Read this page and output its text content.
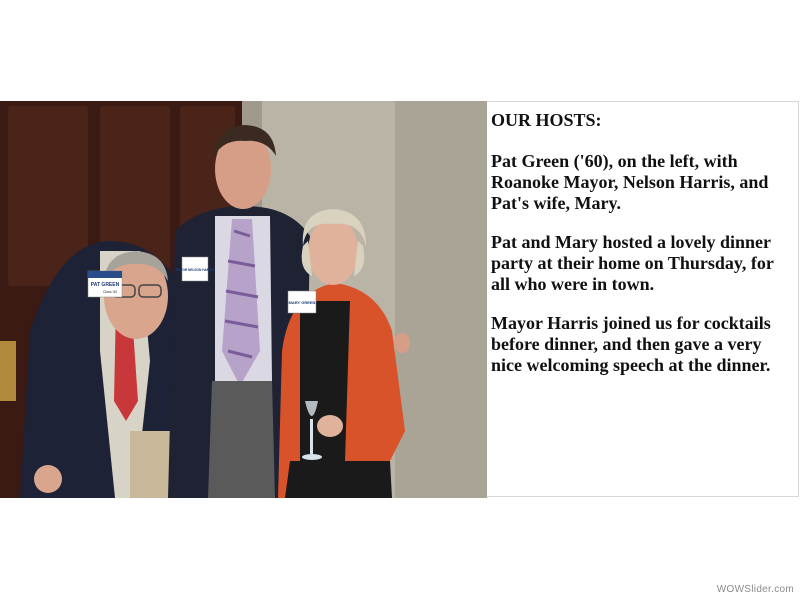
PAT GREEN
Class '60
MAYOR NELSON HARRIS
MARY GREEN

OUR HOSTS:

Pat Green ('60), on the left, with Roanoke Mayor, Nelson Harris, and Pat's wife, Mary.

Pat and Mary hosted a lovely dinner party at their home on Thursday, for all who were in town.

Mayor Harris joined us for cocktails before dinner, and then gave a very nice welcoming speech at the dinner.

WOWSlider.com
